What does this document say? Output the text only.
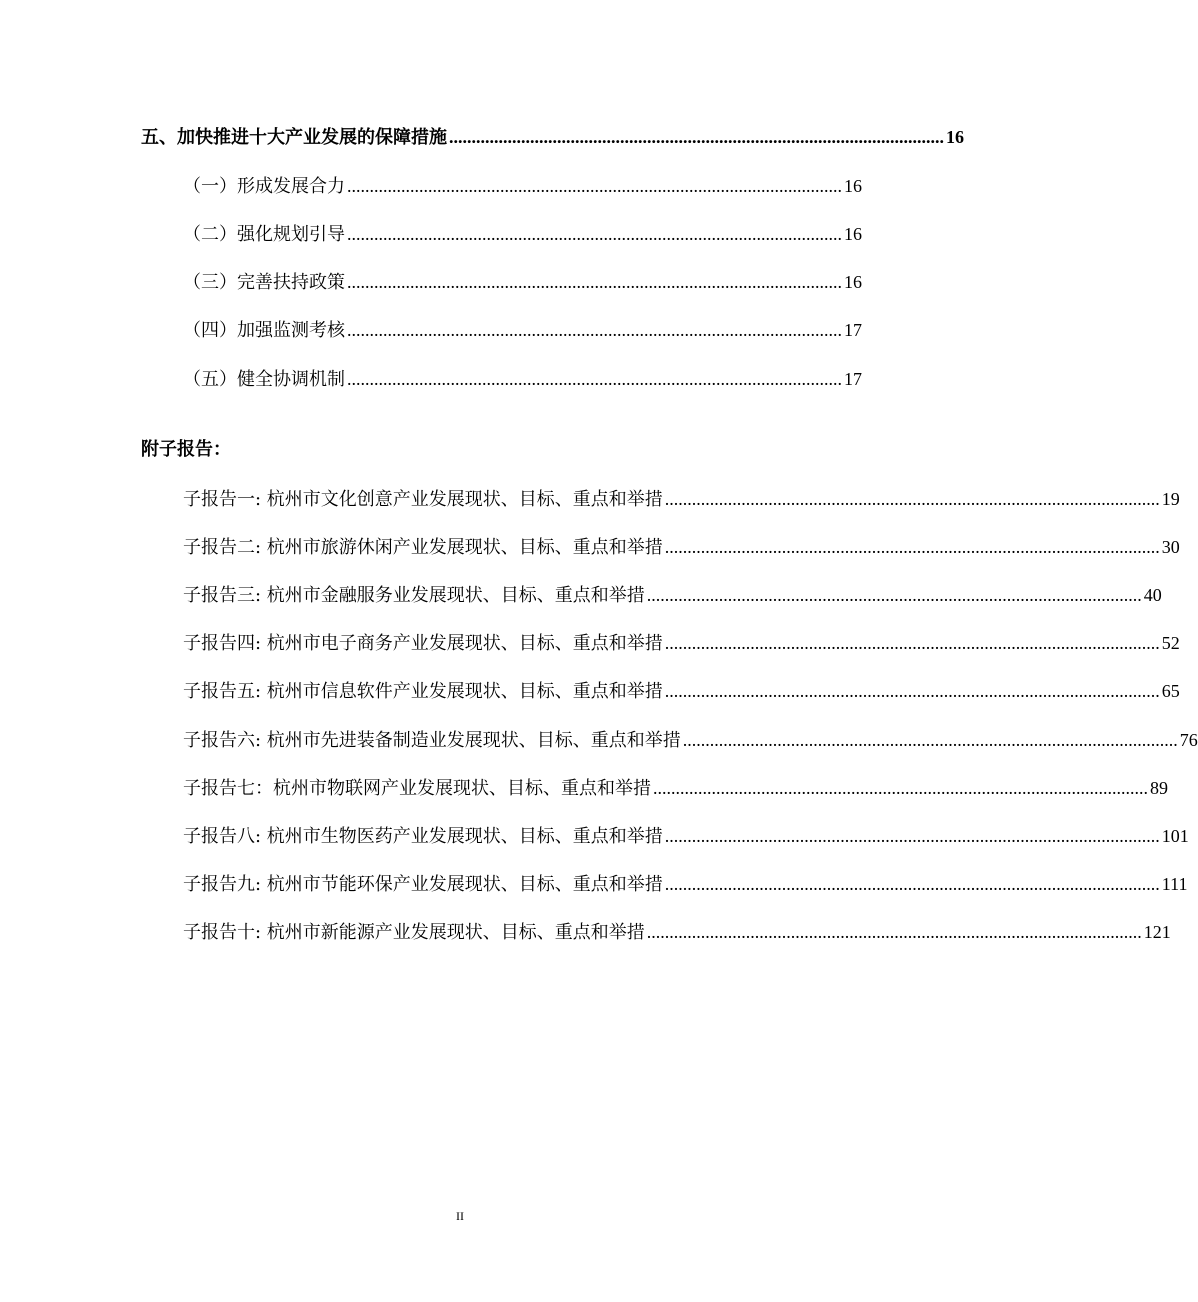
五、加快推进十大产业发展的保障措施 .............................................................................................................. 16
（一）形成发展合力 .............................................................................................................. 16
（二）强化规划引导 .............................................................................................................. 16
（三）完善扶持政策 .............................................................................................................. 16
（四）加强监测考核 .............................................................................................................. 17
（五）健全协调机制 .............................................................................................................. 17
附子报告：
子报告一: 杭州市文化创意产业发展现状、目标、重点和举措 .............................................................................................................. 19
子报告二: 杭州市旅游休闲产业发展现状、目标、重点和举措 .............................................................................................................. 30
子报告三: 杭州市金融服务业发展现状、目标、重点和举措 .............................................................................................................. 40
子报告四: 杭州市电子商务产业发展现状、目标、重点和举措 .............................................................................................................. 52
子报告五: 杭州市信息软件产业发展现状、目标、重点和举措 .............................................................................................................. 65
子报告六: 杭州市先进装备制造业发展现状、目标、重点和举措 .............................................................................................................. 76
子报告七：杭州市物联网产业发展现状、目标、重点和举措 .............................................................................................................. 89
子报告八: 杭州市生物医药产业发展现状、目标、重点和举措 .............................................................................................................. 101
子报告九: 杭州市节能环保产业发展现状、目标、重点和举措 .............................................................................................................. 111
子报告十: 杭州市新能源产业发展现状、目标、重点和举措 .............................................................................................................. 121
II
